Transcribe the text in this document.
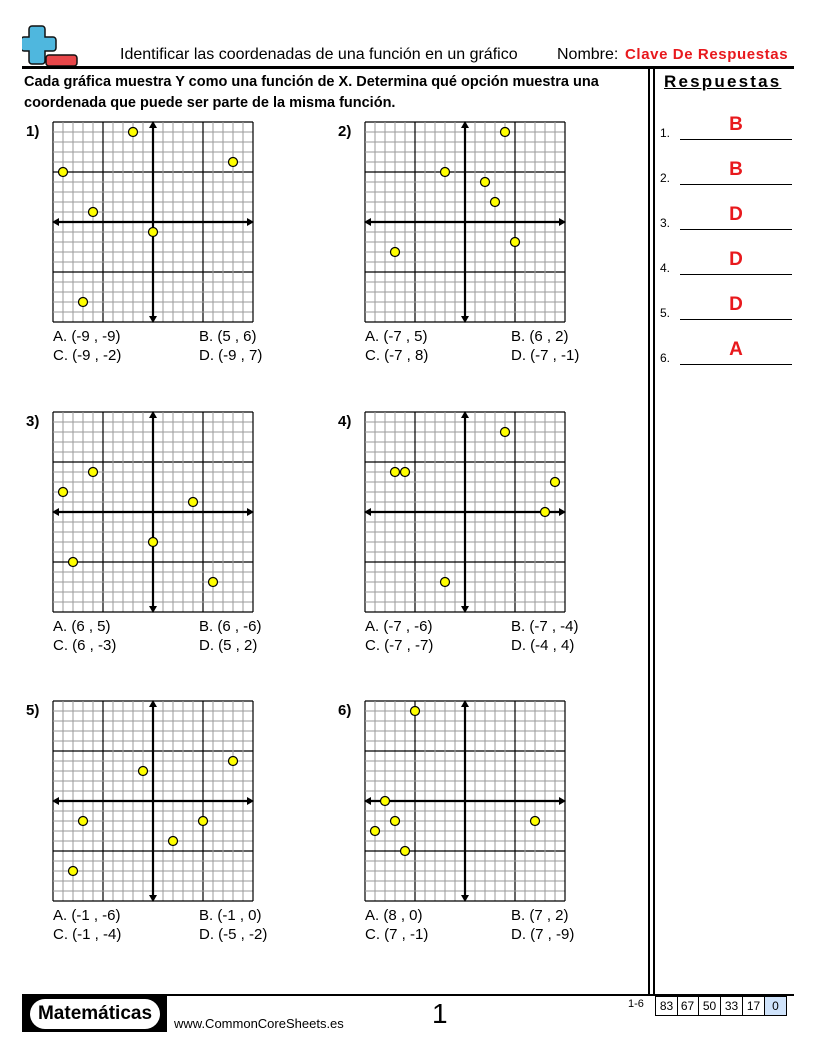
Identificar las coordenadas de una función en un gráfico Nombre: Clave De Respuestas
Cada gráfica muestra Y como una función de X. Determina qué opción muestra una coordenada que puede ser parte de la misma función.
Respuestas
1.	B
2.	B
3.	D
4.	D
5.	D
6.	A
1)
A. (-9 , -9)	B. (5 , 6)
C. (-9 , -2)	D. (-9 , 7)
2)
A. (-7 , 5)	B. (6 , 2)
C. (-7 , 8)	D. (-7 , -1)
3)
A. (6 , 5)	B. (6 , -6)
C. (6 , -3)	D. (5 , 2)
4)
A. (-7 , -6)	B. (-7 , -4)
C. (-7 , -7)	D. (-4 , 4)
5)
A. (-1 , -6)	B. (-1 , 0)
C. (-1 , -4)	D. (-5 , -2)
6)
A. (8 , 0)	B. (7 , 2)
C. (7 , -1)	D. (7 , -9)
Matemáticas	www.CommonCoreSheets.es	1	1-6	83 67 50 33 17 0
